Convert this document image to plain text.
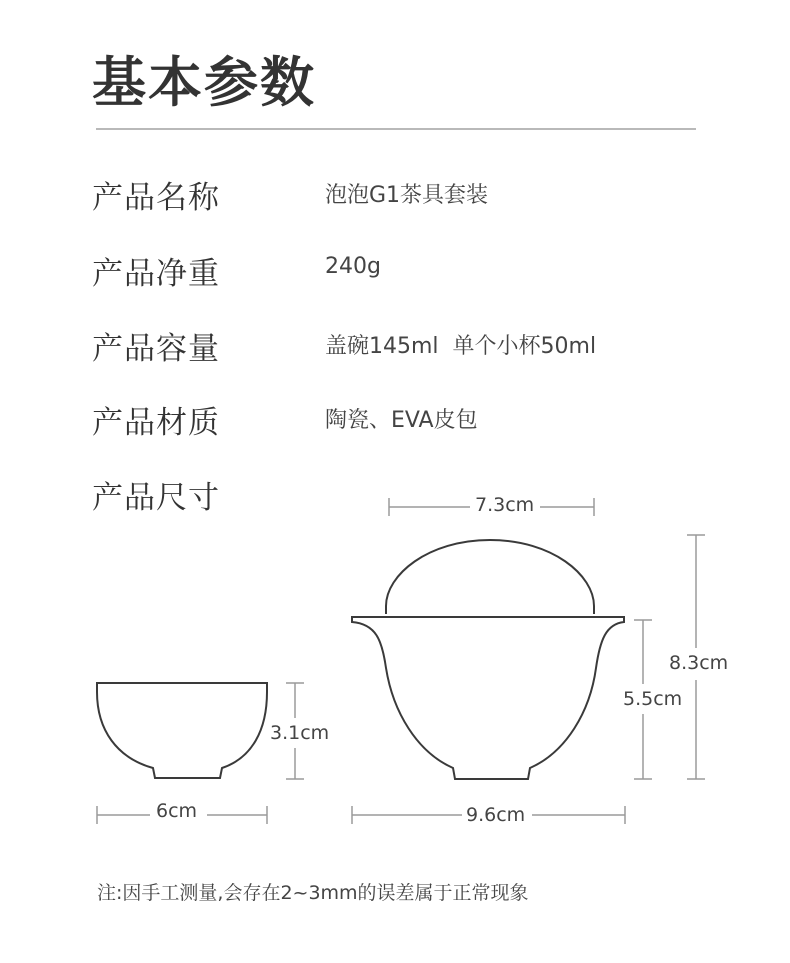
基本参数
产品名称	泡泡G1茶具套装
产品净重	240g
产品容量	盖碗145ml  单个小杯50ml
产品材质	陶瓷、EVA皮包
产品尺寸	7.3cm
8.3cm
5.5cm
9.6cm
3.1cm
6cm
注:因手工测量,会存在2~3mm的误差属于正常现象
